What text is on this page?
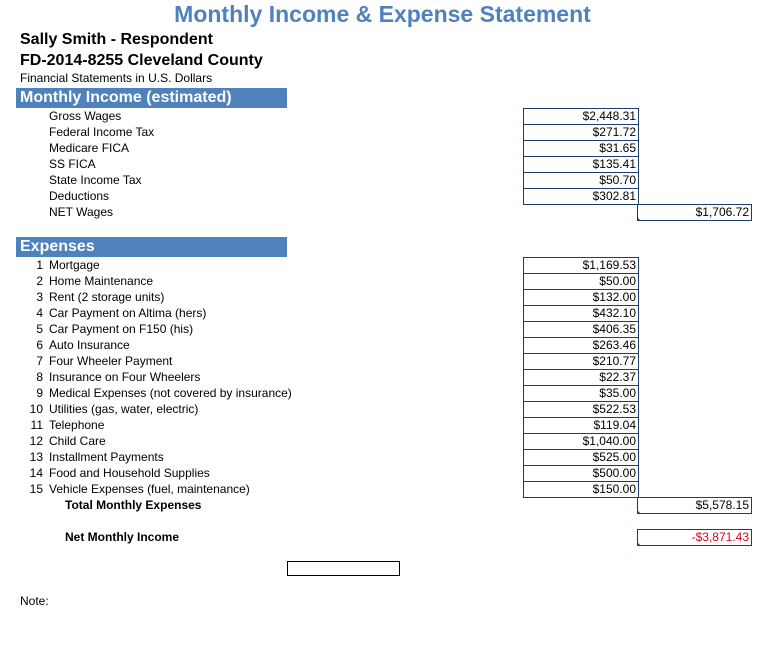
Monthly Income & Expense Statement
Sally Smith - Respondent
FD-2014-8255 Cleveland County
Financial Statements in U.S. Dollars
Monthly Income (estimated)
Gross Wages	$2,448.31
Federal Income Tax	$271.72
Medicare FICA	$31.65
SS FICA	$135.41
State Income Tax	$50.70
Deductions	$302.81
NET Wages	$1,706.72
Expenses
1 Mortgage	$1,169.53
2 Home Maintenance	$50.00
3 Rent (2 storage units)	$132.00
4 Car Payment on Altima (hers)	$432.10
5 Car Payment on F150 (his)	$406.35
6 Auto Insurance	$263.46
7 Four Wheeler Payment	$210.77
8 Insurance on Four Wheelers	$22.37
9 Medical Expenses (not covered by insurance)	$35.00
10 Utilities (gas, water, electric)	$522.53
11 Telephone	$119.04
12 Child Care	$1,040.00
13 Installment Payments	$525.00
14 Food and Household Supplies	$500.00
15 Vehicle Expenses (fuel, maintenance)	$150.00
Total Monthly Expenses	$5,578.15
Net Monthly Income	-$3,871.43
Note:
